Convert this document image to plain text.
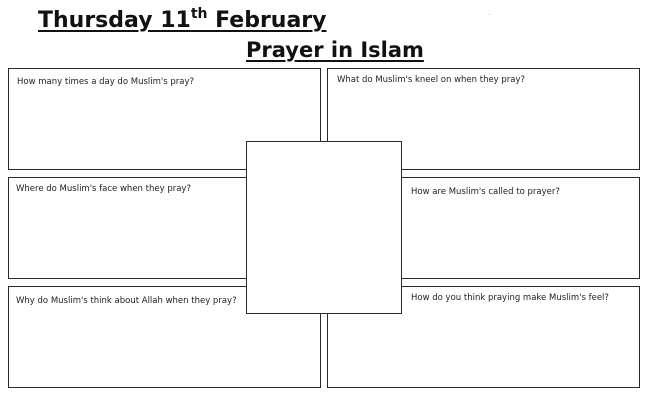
Thursday 11th February
Prayer in Islam
How many times a day do Muslim's pray?	What do Muslim's kneel on when they pray?
Where do Muslim's face when they pray?	How are Muslim's called to prayer?
Why do Muslim's think about Allah when they pray?	How do you think praying make Muslim's feel?
